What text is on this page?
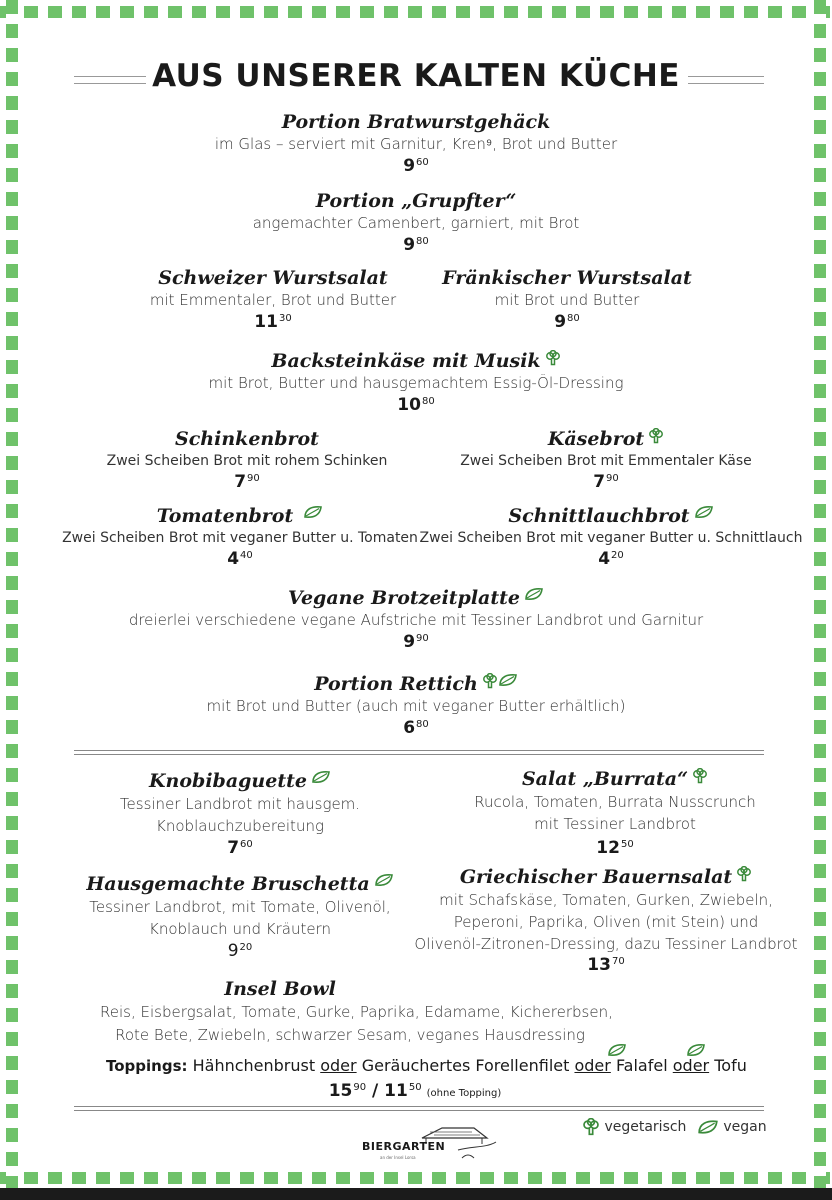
AUS UNSERER KALTEN KÜCHE
Portion Bratwurstgehäck
im Glas – serviert mit Garnitur, Kren⁹, Brot und Butter
$9^{60}$
Portion „Grupfter“
angemachter Camenbert, garniert, mit Brot
$9^{80}$
Schweizer Wurstsalat
mit Emmentaler, Brot und Butter
$11^{30}$
Fränkischer Wurstsalat
mit Brot und Butter
$9^{80}$
Backsteinkäse mit Musik
mit Brot, Butter und hausgemachtem Essig-Öl-Dressing
$10^{80}$
Schinkenbrot
Zwei Scheiben Brot mit rohem Schinken
$7^{90}$
Käsebrot
Zwei Scheiben Brot mit Emmentaler Käse
$7^{90}$
Tomatenbrot
Zwei Scheiben Brot mit veganer Butter u. Tomaten
$4^{40}$
Schnittlauchbrot
Zwei Scheiben Brot mit veganer Butter u. Schnittlauch
$4^{20}$
Vegane Brotzeitplatte
dreierlei verschiedene vegane Aufstriche mit Tessiner Landbrot und Garnitur
$9^{90}$
Portion Rettich
mit Brot und Butter (auch mit veganer Butter erhältlich)
$6^{80}$
Knobibaguette
Tessiner Landbrot mit hausgem.
Knoblauchzubereitung
$7^{60}$
Salat „Burrata“
Rucola, Tomaten, Burrata Nusscrunch
mit Tessiner Landbrot
$12^{50}$
Hausgemachte Bruschetta
Tessiner Landbrot, mit Tomate, Olivenöl,
Knoblauch und Kräutern
$9^{20}$
Griechischer Bauernsalat
mit Schafskäse, Tomaten, Gurken, Zwiebeln,
Peperoni, Paprika, Oliven (mit Stein) und
Olivenöl-Zitronen-Dressing, dazu Tessiner Landbrot
$13^{70}$
Insel Bowl
Reis, Eisbergsalat, Tomate, Gurke, Paprika, Edamame, Kichererbsen,
Rote Bete, Zwiebeln, schwarzer Sesam, veganes Hausdressing
Toppings: Hähnchenbrust oder Geräuchertes Forellenfilet oder Falafel oder Tofu
$15^{90} / 11^{50}$ (ohne Topping)
BIERGARTEN
an der Insel Lorsa
vegetarisch	vegan
